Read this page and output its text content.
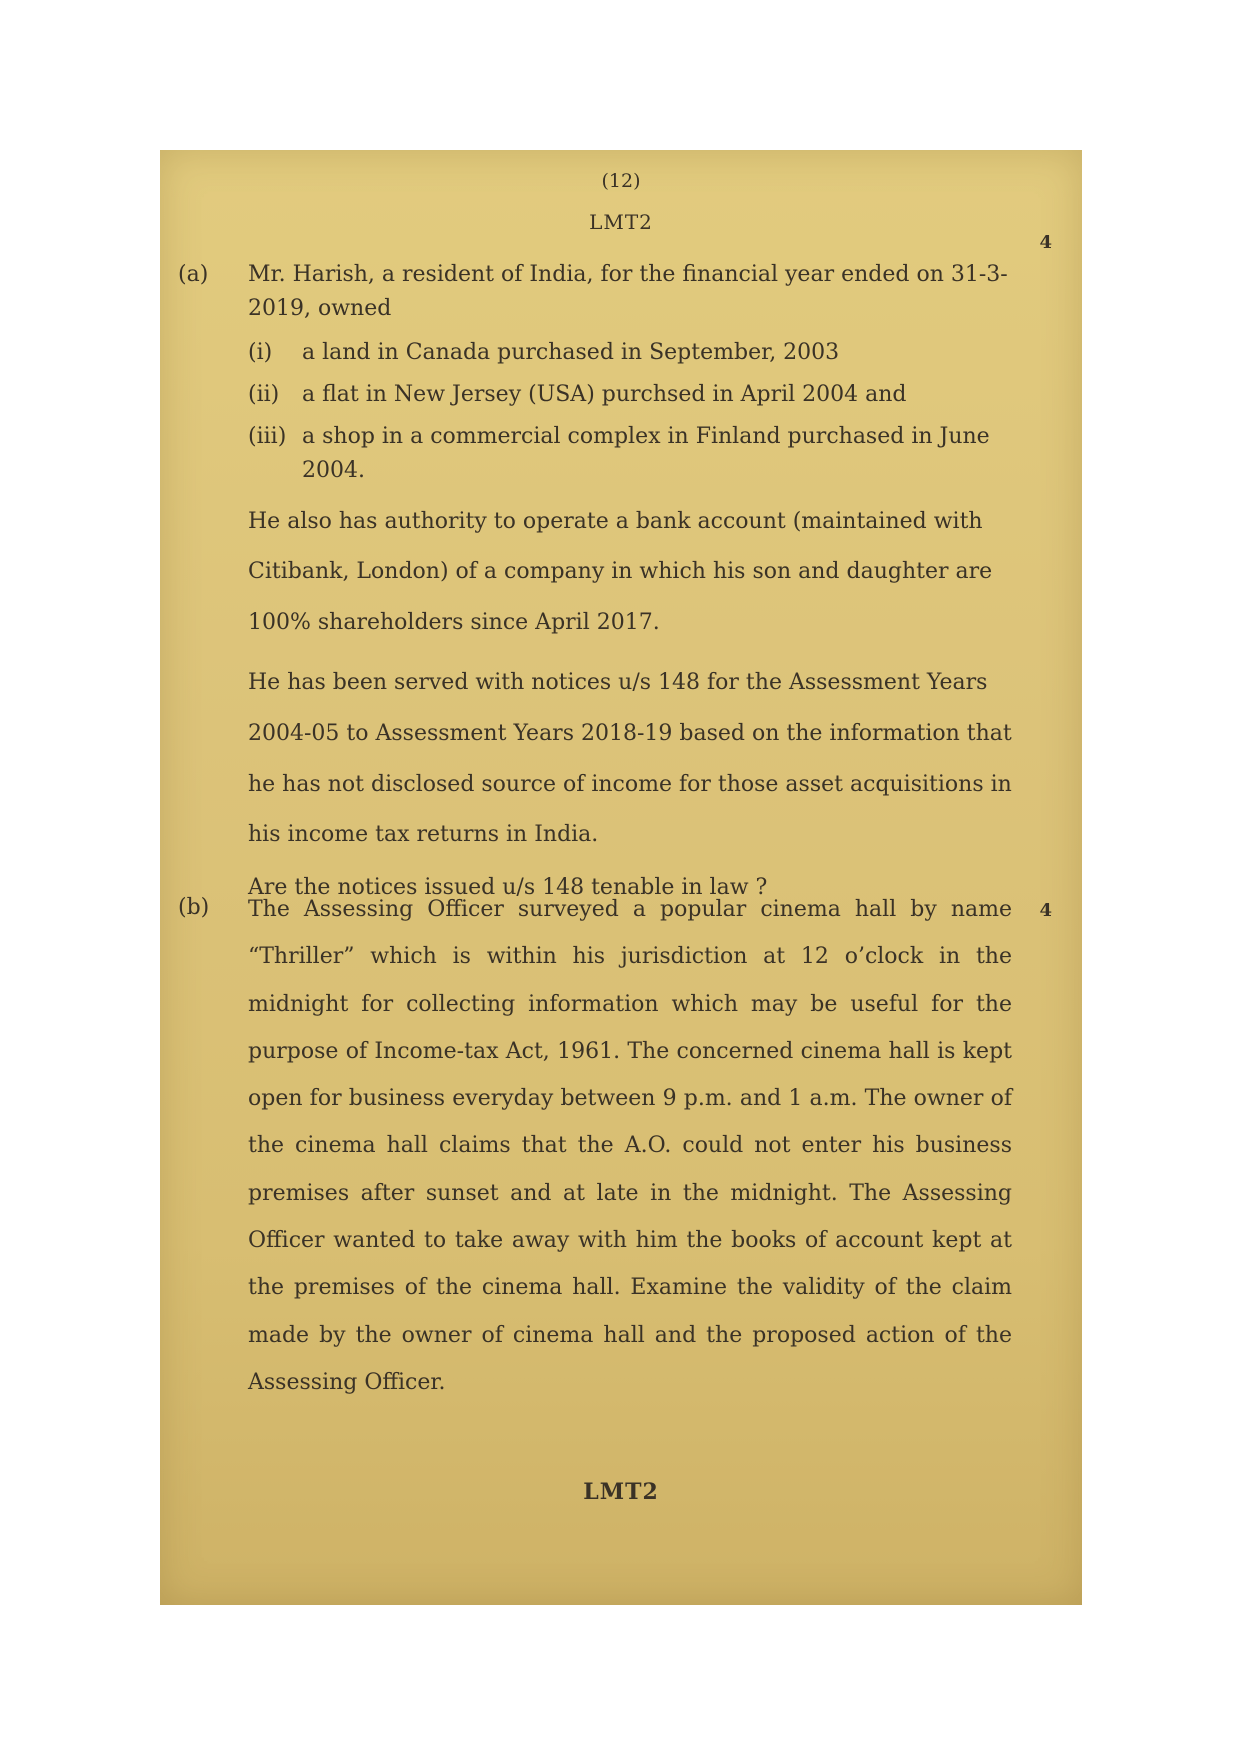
(12)
LMT2
(a)
4

Mr. Harish, a resident of India, for the financial year ended on 31-3-2019, owned

(i)	a land in Canada purchased in September, 2003
(ii)	a flat in New Jersey (USA) purchsed in April 2004 and
(iii) a shop in a commercial complex in Finland purchased in June 2004.

He also has authority to operate a bank account (maintained with Citibank, London) of a company in which his son and daughter are 100% shareholders since April 2017.

He has been served with notices u/s 148 for the Assessment Years 2004-05 to Assessment Years 2018-19 based on the information that he has not disclosed source of income for those asset acquisitions in his income tax returns in India.

Are the notices issued u/s 148 tenable in law ?

(b)	4

The Assessing Officer surveyed a popular cinema hall by name “Thriller” which is within his jurisdiction at 12 o’clock in the midnight for collecting information which may be useful for the purpose of Income-tax Act, 1961. The concerned cinema hall is kept open for business everyday between 9 p.m. and 1 a.m. The owner of the cinema hall claims that the A.O. could not enter his business premises after sunset and at late in the midnight. The Assessing Officer wanted to take away with him the books of account kept at the premises of the cinema hall. Examine the validity of the claim made by the owner of cinema hall and the proposed action of the Assessing Officer.

LMT2
